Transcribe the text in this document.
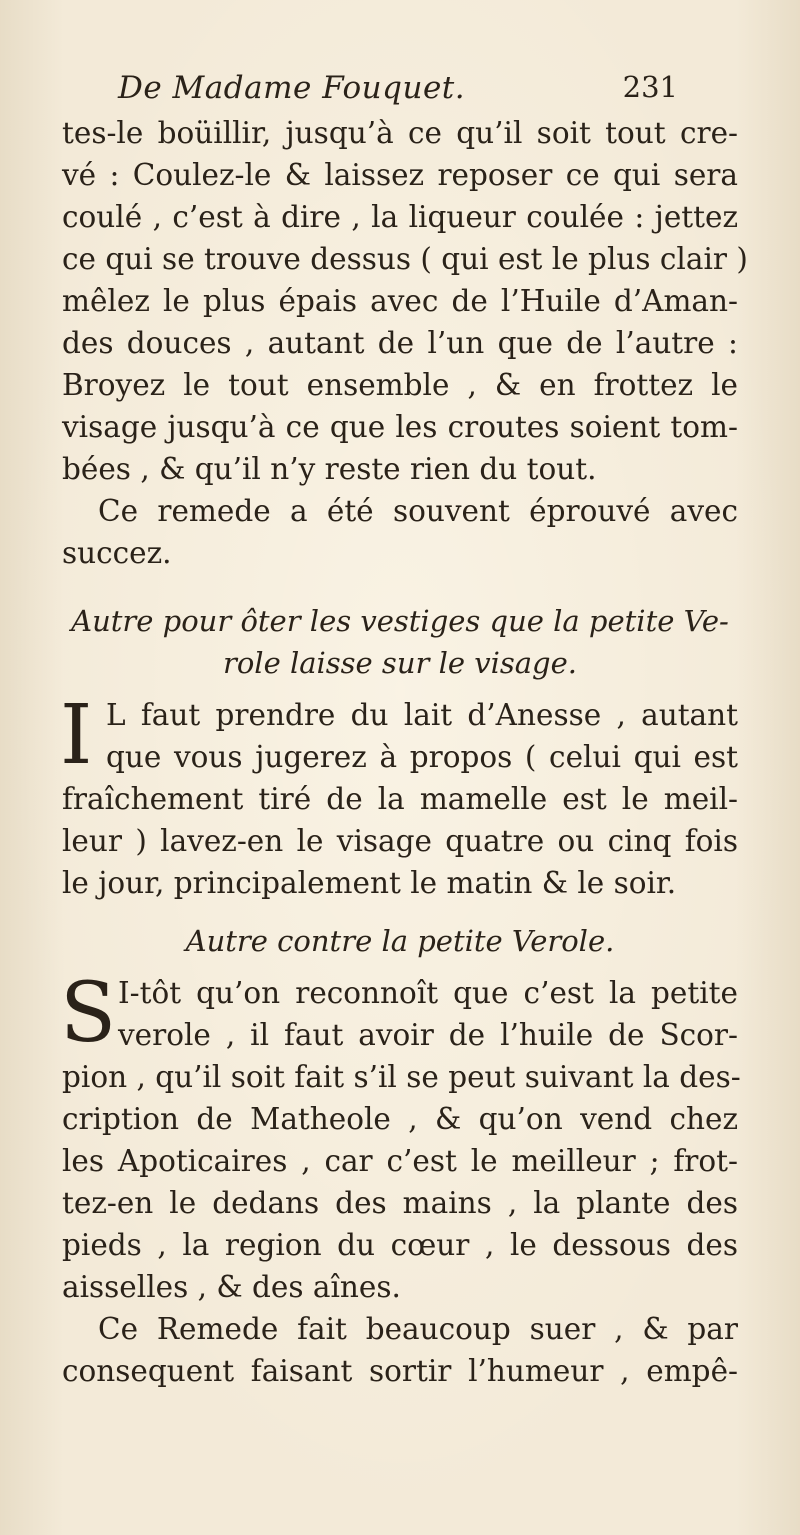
De Madame Fouquet.	231
tes-le boüillir, jusqu’à ce qu’il soit tout cre-
vé : Coulez-le & laissez reposer ce qui sera
coulé , c’est à dire , la liqueur coulée : jettez
ce qui se trouve dessus ( qui est le plus clair )
mêlez le plus épais avec de l’Huile d’Aman-
des douces , autant de l’un que de l’autre :
Broyez le tout ensemble , & en frottez le
visage jusqu’à ce que les croutes soient tom-
bées , & qu’il n’y reste rien du tout.
Ce remede a été souvent éprouvé avec
succez.
Autre pour ôter les vestiges que la petite Ve-
role laisse sur le visage.
I L faut prendre du lait d’Anesse , autant
que vous jugerez à propos ( celui qui est
fraîchement tiré de la mamelle est le meil-
leur ) lavez-en le visage quatre ou cinq fois
le jour, principalement le matin & le soir.
Autre contre la petite Verole.
S I-tôt qu’on reconnoît que c’est la petite
verole , il faut avoir de l’huile de Scor-
pion , qu’il soit fait s’il se peut suivant la des-
cription de Matheole , & qu’on vend chez
les Apoticaires , car c’est le meilleur ; frot-
tez-en le dedans des mains , la plante des
pieds , la region du cœur , le dessous des
aisselles , & des aînes.
Ce Remede fait beaucoup suer , & par
consequent faisant sortir l’humeur , empê-
